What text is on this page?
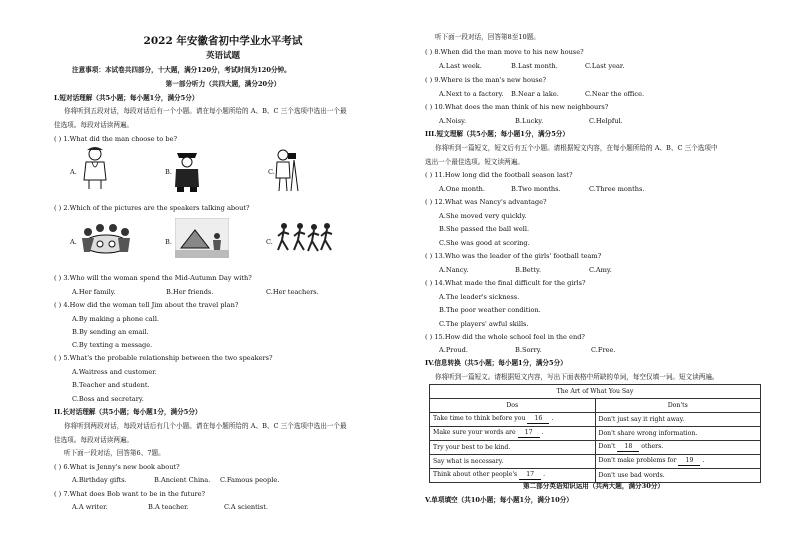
2022 年安徽省初中学业水平考试
英语试题
注意事项：本试卷共四部分，十大题，满分120分，考试时间为120分钟。
第一部分听力（共四大题，满分20分）
I.短对话理解（共5小题；每小题1分，满分5分）
你将听到五段对话，每段对话后有一个小题。请在每小题所给的 A、B、C 三个选项中选出一个最
佳选项。每段对话读两遍。
( ) 1.What did the man choose to be?
A.	B.	C.
( ) 2.Which of the pictures are the speakers talking about?
A.	B.	C.
( ) 3.Who will the woman spend the Mid-Autumn Day with?
A.Her family.	B.Her friends.	C.Her teachers.
( ) 4.How did the woman tell Jim about the travel plan?
A.By making a phone call.
B.By sending an email.
C.By texting a message.
( ) 5.What's the probable relationship between the two speakers?
A.Waitress and customer.
B.Teacher and student.
C.Boss and secretary.
II.长对话理解（共5小题；每小题1分，满分5分）
你将听到两段对话，每段对话后有几个小题。请在每小题所给的 A、B、C 三个选项中选出一个最
佳选项。每段对话读两遍。
听下面一段对话，回答第6、7题。
( ) 6.What is Jenny's new book about?
A.Birthday gifts.	B.Ancient China. C.Famous people.
( ) 7.What does Bob want to be in the future?
A.A writer.	B.A teacher.	C.A scientist.
听下面一段对话，回答第8至10题。
( ) 8.When did the man move to his new house?
A.Last week.	B.Last month.	C.Last year.
( ) 9.Where is the man's new house?
A.Next to a factory. B.Near a lake.	C.Near the office.
( ) 10.What does the man think of his new neighbours?
A.Noisy.	B.Lucky.	C.Helpful.
III.短文理解（共5小题；每小题1分，满分5分）
你将听到一篇短文，短文后有五个小题。请根据短文内容，在每小题所给的 A、B、C 三个选项中
选出一个最佳选项。短文读两遍。
( ) 11.How long did the football season last?
A.One month.	B.Two months.	C.Three months.
( ) 12.What was Nancy's advantage?
A.She moved very quickly.
B.She passed the ball well.
C.She was good at scoring.
( ) 13.Who was the leader of the girls' football team?
A.Nancy.	B.Betty.	C.Amy.
( ) 14.What made the final difficult for the girls?
A.The leader's sickness.
B.The poor weather condition.
C.The players' awful skills.
( ) 15.How did the whole school feel in the end?
A.Proud.	B.Sorry.	C.Free.
IV.信息转换（共5小题；每小题1分，满分5分）
你将听到一篇短文。请根据短文内容，写出下面表格中所缺的单词，每空仅填一词。短文读两遍。
The Art of What You Say	
Dos	Don'ts
Take time to think before you 16 .	Don't just say it right away.
Make sure your words are 17 .	Don't share wrong information.
Try your best to be kind.	Don't 18 others.
Say what is necessary.	Don't make problems for 19 .
Think about other people's 17 .	Don't use bad words.
第二部分英语知识运用（共两大题，满分30分）
V.单项填空（共10小题；每小题1分，满分10分）
